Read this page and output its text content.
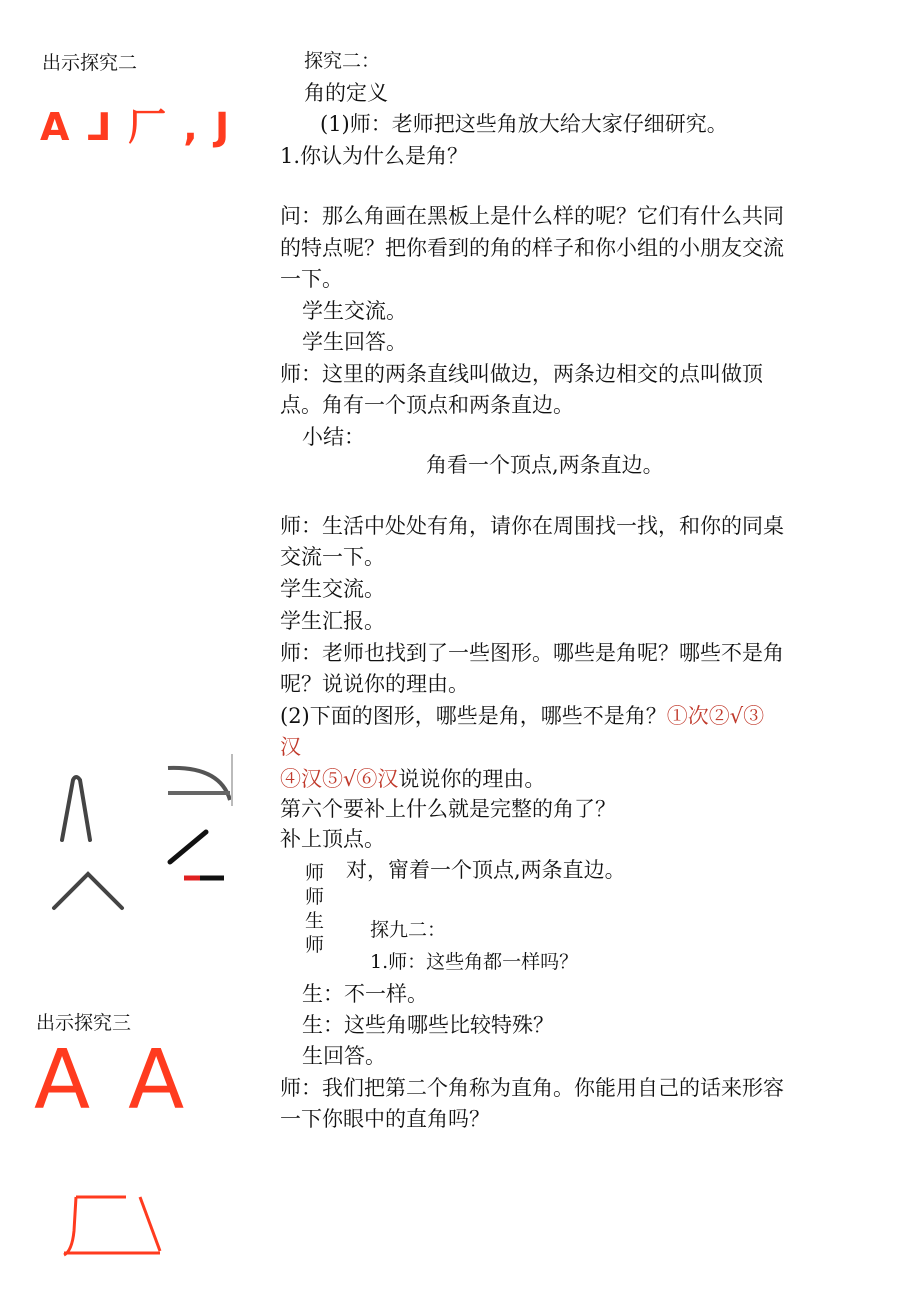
出示探究二
A ⅃ 厂 , J
出示探究三
A A
探究二：
角的定义
(1)师：老师把这些角放大给大家仔细研究。
1.你认为什么是角？
问：那么角画在黑板上是什么样的呢？它们有什么共同
的特点呢？把你看到的角的样子和你小组的小朋友交流
一下。
学生交流。
学生回答。
师：这里的两条直线叫做边，两条边相交的点叫做顶
点。角有一个顶点和两条直边。
小结：
角看一个顶点,两条直边。
师：生活中处处有角，请你在周围找一找，和你的同桌
交流一下。
学生交流。
学生汇报。
师：老师也找到了一些图形。哪些是角呢？哪些不是角
呢？说说你的理由。
(2)下面的图形，哪些是角，哪些不是角？①次②√③
汉
④汉⑤√⑥汉说说你的理由。
第六个要补上什么就是完整的角了？
补上顶点。
师
师
生
师
对，甯着一个顶点,两条直边。
探九二：
1.师：这些角都一样吗？
生：不一样。
生：这些角哪些比较特殊？
生回答。
师：我们把第二个角称为直角。你能用自己的话来形容
一下你眼中的直角吗？
